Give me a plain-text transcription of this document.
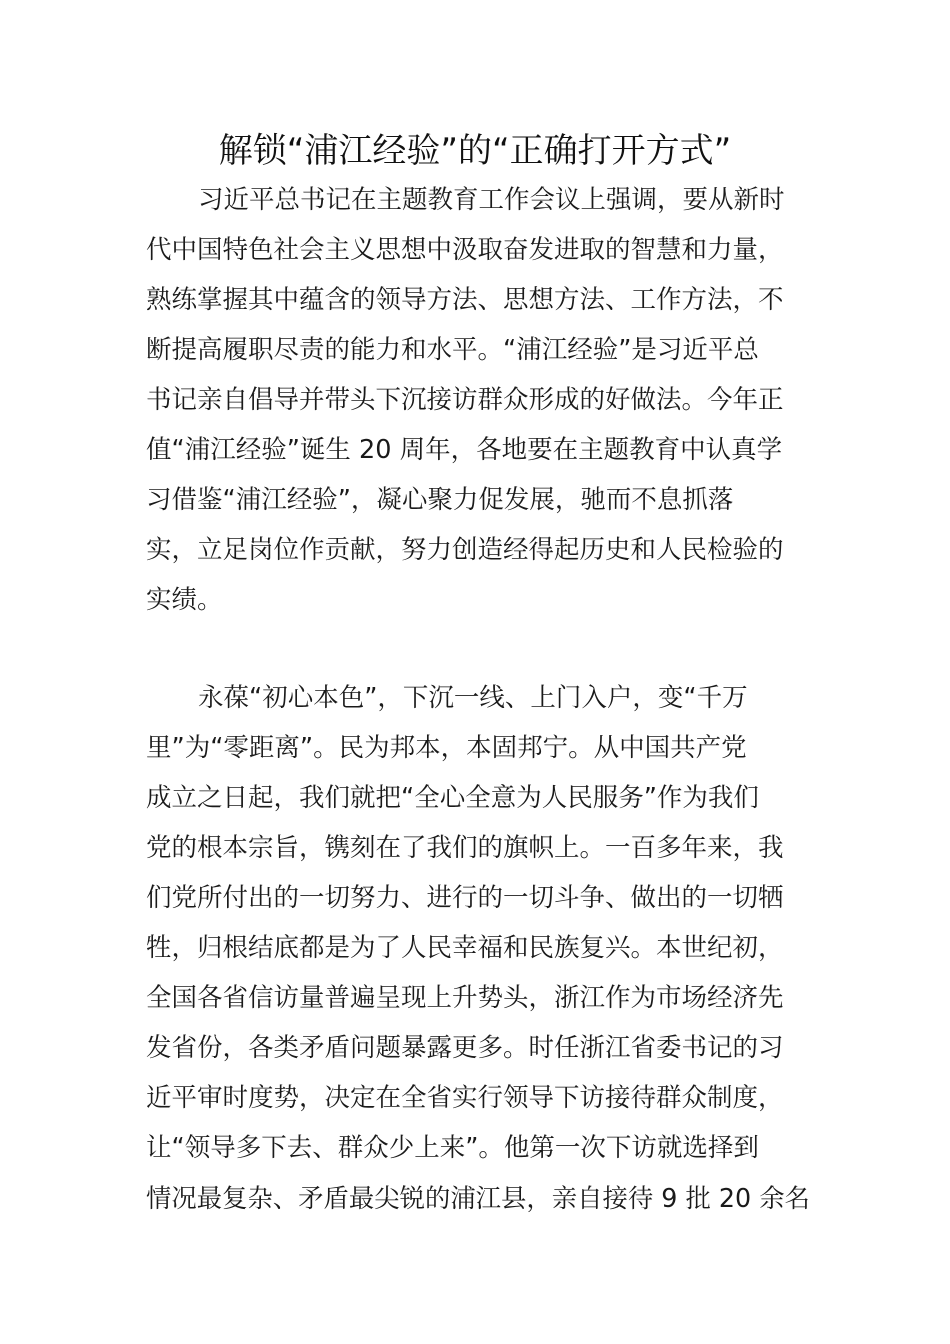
解锁“浦江经验”的“正确打开方式”

习近平总书记在主题教育工作会议上强调，要从新时

代中国特色社会主义思想中汲取奋发进取的智慧和力量，

熟练掌握其中蕴含的领导方法、思想方法、工作方法，不

断提高履职尽责的能力和水平。“浦江经验”是习近平总

书记亲自倡导并带头下沉接访群众形成的好做法。今年正

值“浦江经验”诞生 20 周年，各地要在主题教育中认真学

习借鉴“浦江经验”，凝心聚力促发展，驰而不息抓落

实，立足岗位作贡献，努力创造经得起历史和人民检验的

实绩。

永葆“初心本色”，下沉一线、上门入户，变“千万

里”为“零距离”。民为邦本，本固邦宁。从中国共产党

成立之日起，我们就把“全心全意为人民服务”作为我们

党的根本宗旨，镌刻在了我们的旗帜上。一百多年来，我

们党所付出的一切努力、进行的一切斗争、做出的一切牺

牲，归根结底都是为了人民幸福和民族复兴。本世纪初，

全国各省信访量普遍呈现上升势头，浙江作为市场经济先

发省份，各类矛盾问题暴露更多。时任浙江省委书记的习

近平审时度势，决定在全省实行领导下访接待群众制度，

让“领导多下去、群众少上来”。他第一次下访就选择到

情况最复杂、矛盾最尖锐的浦江县，亲自接待 9 批 20 余名
